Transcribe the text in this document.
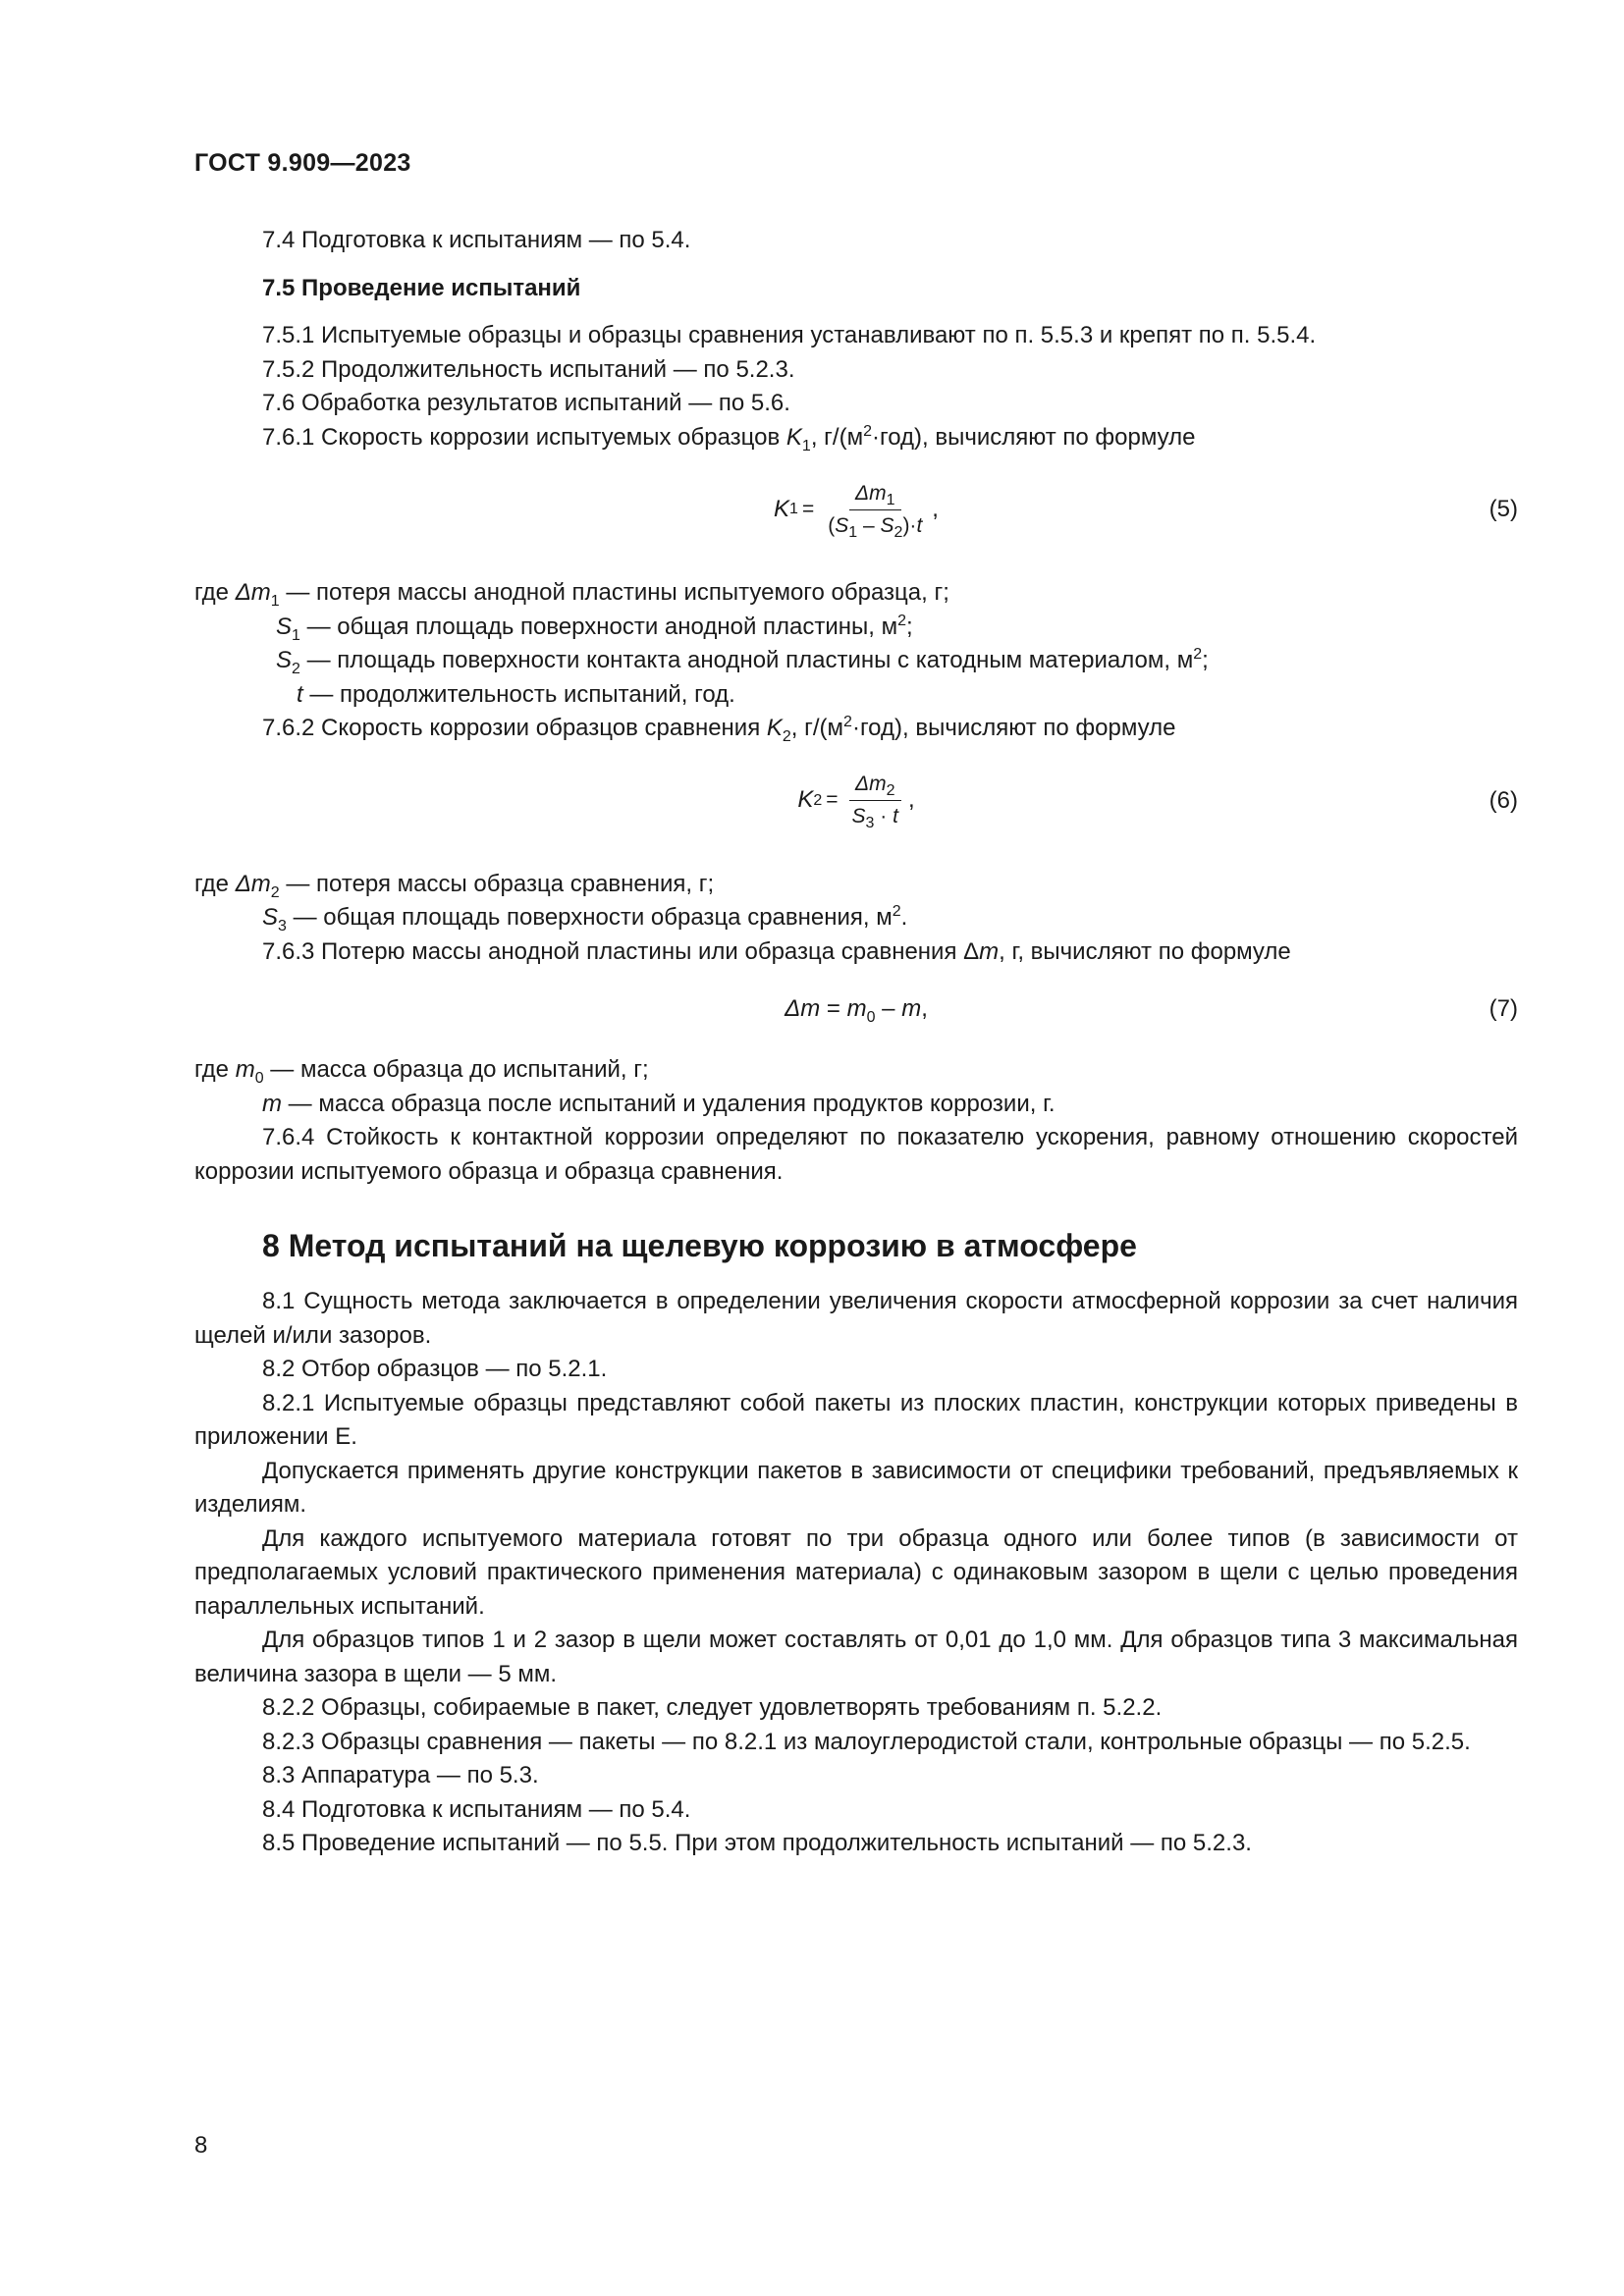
ГОСТ 9.909—2023

7.4 Подготовка к испытаниям — по 5.4.

7.5 Проведение испытаний

7.5.1 Испытуемые образцы и образцы сравнения устанавливают по п. 5.5.3 и крепят по п. 5.5.4.

7.5.2 Продолжительность испытаний — по 5.2.3.

7.6 Обработка результатов испытаний — по 5.6.

7.6.1 Скорость коррозии испытуемых образцов $K_1$, $г/(м^2\cdot год)$, вычисляют по формуле

K $1 = \frac{\Delta m_1}{(S_1 - S_2)\cdot t}$ ,	(5)

где $\Delta m_1$ — потеря массы анодной пластины испытуемого образца, г;

$S_1$ — общая площадь поверхности анодной пластины, $м^2$;

$S_2$ — площадь поверхности контакта анодной пластины с катодным материалом, $м^2$;

t — продолжительность испытаний, год.

7.6.2 Скорость коррозии образцов сравнения $K_2$, $г/(м^2\cdot год)$, вычисляют по формуле

K $2 = \frac{\Delta m_2}{S_3 \cdot t}$ ,	(6)

где $\Delta m_2$ — потеря массы образца сравнения, г;

$S_3$ — общая площадь поверхности образца сравнения, $м^2$.

7.6.3 Потерю массы анодной пластины или образца сравнения Δm, г, вычисляют по формуле

$\Delta m = m_0 - m$,	(7)

где $m_0$ — масса образца до испытаний, г;

m — масса образца после испытаний и удаления продуктов коррозии, г.

7.6.4 Стойкость к контактной коррозии определяют по показателю ускорения, равному отношению скоростей коррозии испытуемого образца и образца сравнения.

8 Метод испытаний на щелевую коррозию в атмосфере

8.1 Сущность метода заключается в определении увеличения скорости атмосферной коррозии за счет наличия щелей и/или зазоров.

8.2 Отбор образцов — по 5.2.1.

8.2.1 Испытуемые образцы представляют собой пакеты из плоских пластин, конструкции которых приведены в приложении Е.

Допускается применять другие конструкции пакетов в зависимости от специфики требований, предъявляемых к изделиям.

Для каждого испытуемого материала готовят по три образца одного или более типов (в зависимости от предполагаемых условий практического применения материала) с одинаковым зазором в щели с целью проведения параллельных испытаний.

Для образцов типов 1 и 2 зазор в щели может составлять от 0,01 до 1,0 мм. Для образцов типа 3 максимальная величина зазора в щели — 5 мм.

8.2.2 Образцы, собираемые в пакет, следует удовлетворять требованиям п. 5.2.2.

8.2.3 Образцы сравнения — пакеты — по 8.2.1 из малоуглеродистой стали, контрольные образцы — по 5.2.5.

8.3 Аппаратура — по 5.3.

8.4 Подготовка к испытаниям — по 5.4.

8.5 Проведение испытаний — по 5.5. При этом продолжительность испытаний — по 5.2.3.

8
